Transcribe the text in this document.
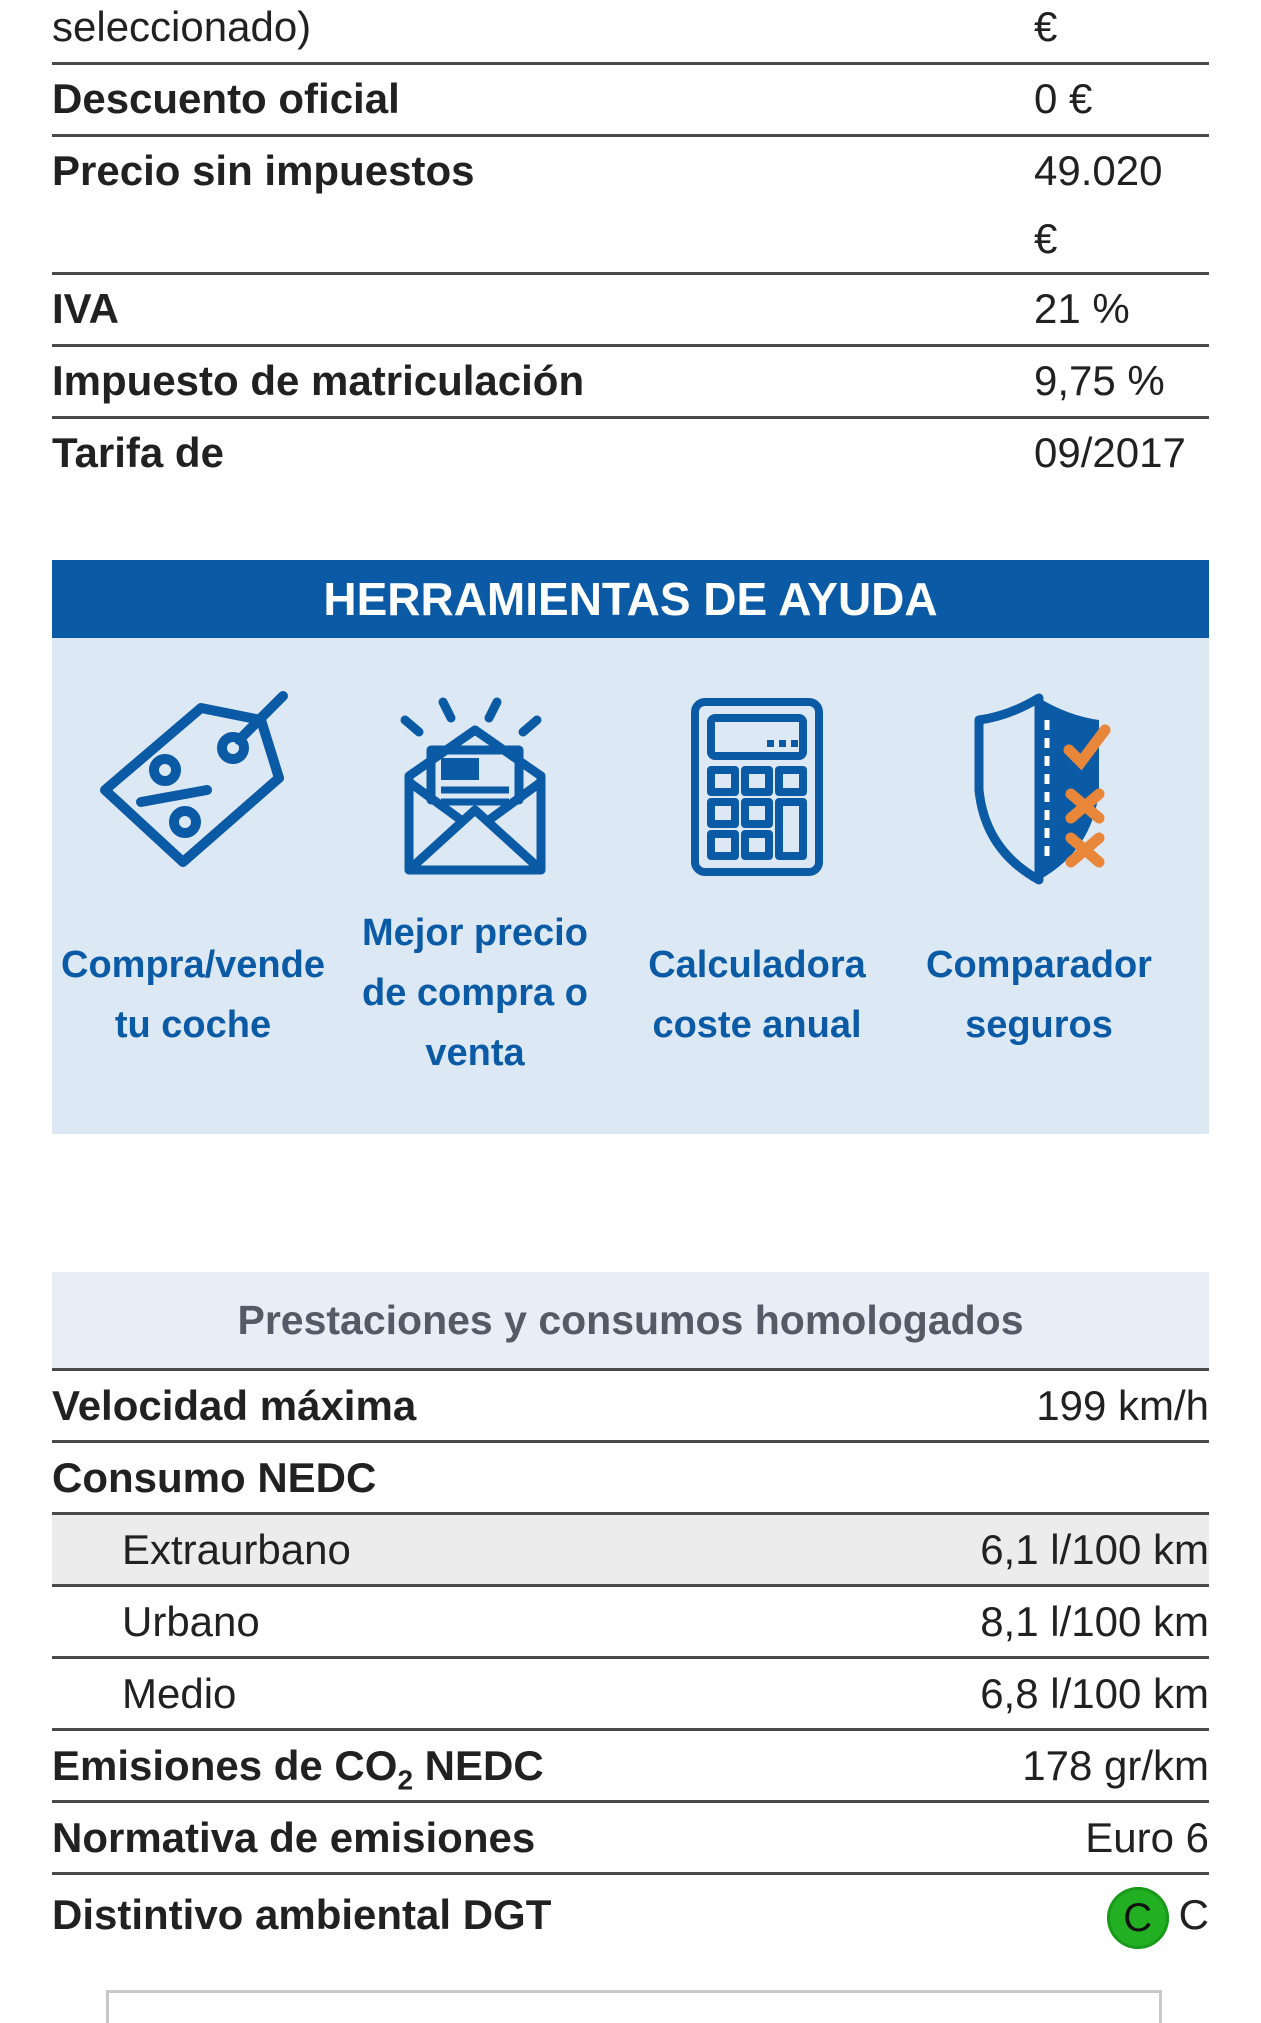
seleccionado)	€
Descuento oficial	0 €
Precio sin impuestos	49.020 €
IVA	21 %
Impuesto de matriculación	9,75 %
Tarifa de	09/2017
HERRAMIENTAS DE AYUDA
Compra/vende
tu coche
Mejor precio
de compra o
venta
Calculadora
coste anual
Comparador
seguros
Prestaciones y consumos homologados
Velocidad máxima	199 km/h
Consumo NEDC
Extraurbano	6,1 l/100 km
Urbano	8,1 l/100 km
Medio	6,8 l/100 km
Emisiones de $CO_2$ NEDC	178 gr/km
Normativa de emisiones	Euro 6
Distintivo ambiental DGT	C C
